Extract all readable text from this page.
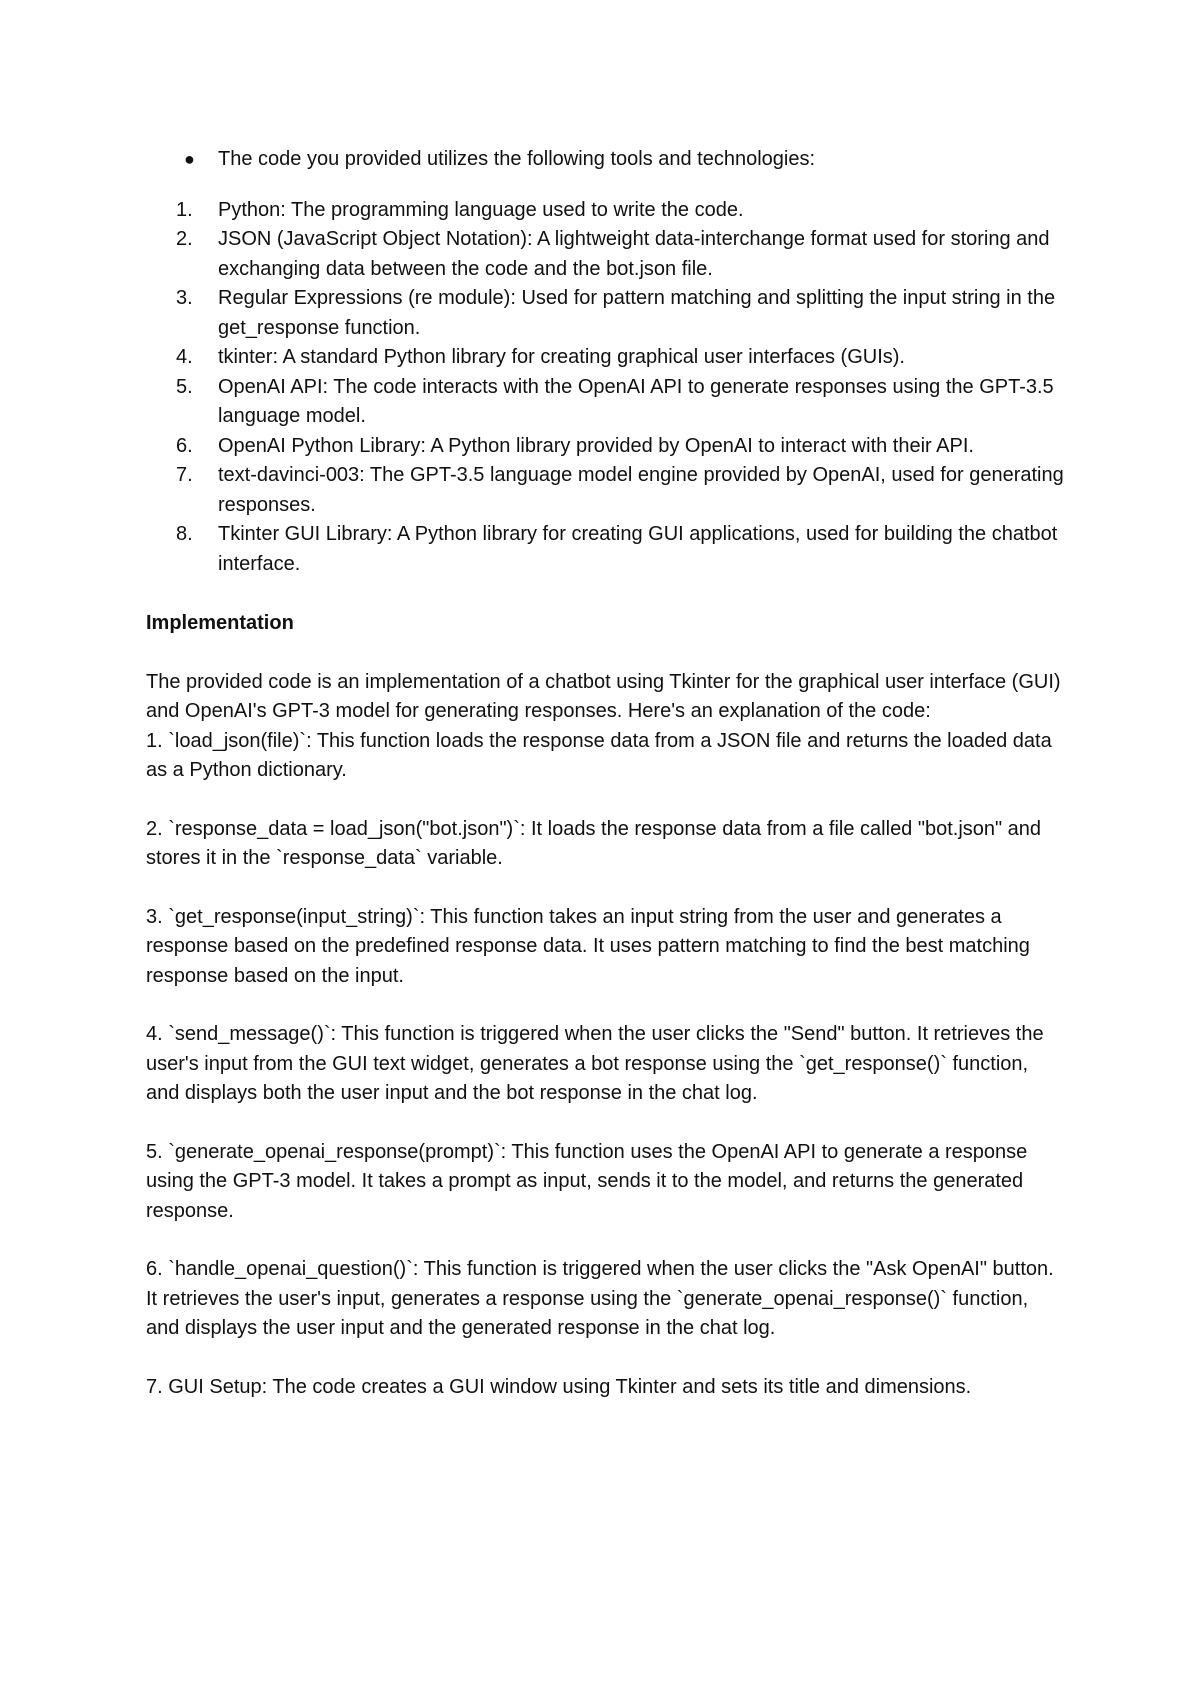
● The code you provided utilizes the following tools and technologies:

1. Python: The programming language used to write the code.
2. JSON (JavaScript Object Notation): A lightweight data-interchange format used for storing and exchanging data between the code and the bot.json file.
3. Regular Expressions (re module): Used for pattern matching and splitting the input string in the get_response function.
4. tkinter: A standard Python library for creating graphical user interfaces (GUIs).
5. OpenAI API: The code interacts with the OpenAI API to generate responses using the GPT-3.5 language model.
6. OpenAI Python Library: A Python library provided by OpenAI to interact with their API.
7. text-davinci-003: The GPT-3.5 language model engine provided by OpenAI, used for generating responses.
8. Tkinter GUI Library: A Python library for creating GUI applications, used for building the chatbot interface.

Implementation

The provided code is an implementation of a chatbot using Tkinter for the graphical user interface (GUI) and OpenAI's GPT-3 model for generating responses. Here's an explanation of the code:

1. `load_json(file)`: This function loads the response data from a JSON file and returns the loaded data as a Python dictionary.

2. `response_data = load_json("bot.json")`: It loads the response data from a file called "bot.json" and stores it in the `response_data` variable.

3. `get_response(input_string)`: This function takes an input string from the user and generates a response based on the predefined response data. It uses pattern matching to find the best matching response based on the input.

4. `send_message()`: This function is triggered when the user clicks the "Send" button. It retrieves the user's input from the GUI text widget, generates a bot response using the `get_response()` function, and displays both the user input and the bot response in the chat log.

5. `generate_openai_response(prompt)`: This function uses the OpenAI API to generate a response using the GPT-3 model. It takes a prompt as input, sends it to the model, and returns the generated response.

6. `handle_openai_question()`: This function is triggered when the user clicks the "Ask OpenAI" button. It retrieves the user's input, generates a response using the `generate_openai_response()` function, and displays the user input and the generated response in the chat log.

7. GUI Setup: The code creates a GUI window using Tkinter and sets its title and dimensions.
